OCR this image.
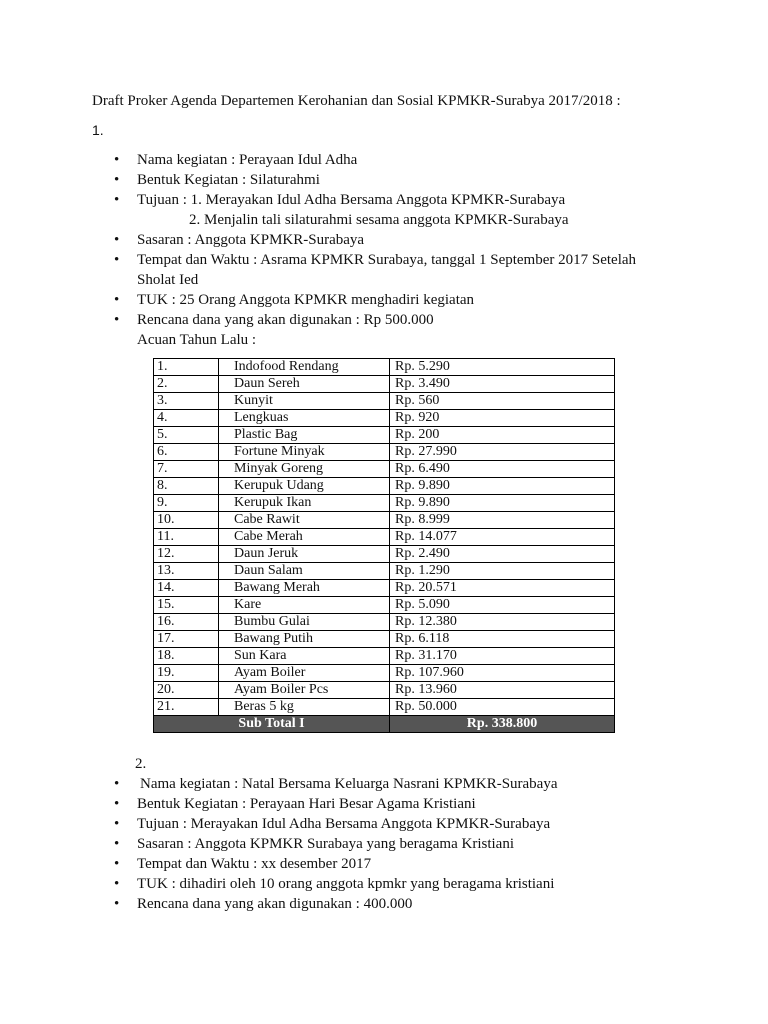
Draft Proker Agenda Departemen Kerohanian dan Sosial KPMKR-Surabya 2017/2018 :
1.
• Nama kegiatan : Perayaan Idul Adha
• Bentuk Kegiatan : Silaturahmi
• Tujuan : 1. Merayakan Idul Adha Bersama Anggota KPMKR-Surabaya
2. Menjalin tali silaturahmi sesama anggota KPMKR-Surabaya
• Sasaran : Anggota KPMKR-Surabaya
• Tempat dan Waktu : Asrama KPMKR Surabaya, tanggal 1 September 2017 Setelah
Sholat Ied
• TUK : 25 Orang Anggota KPMKR menghadiri kegiatan
• Rencana dana yang akan digunakan : Rp 500.000
Acuan Tahun Lalu :
1.	Indofood Rendang	Rp. 5.290
2.	Daun Sereh	Rp. 3.490
3.	Kunyit	Rp. 560
4.	Lengkuas	Rp. 920
5.	Plastic Bag	Rp. 200
6.	Fortune Minyak	Rp. 27.990
7.	Minyak Goreng	Rp. 6.490
8.	Kerupuk Udang	Rp. 9.890
9.	Kerupuk Ikan	Rp. 9.890
10.	Cabe Rawit	Rp. 8.999
11.	Cabe Merah	Rp. 14.077
12.	Daun Jeruk	Rp. 2.490
13.	Daun Salam	Rp. 1.290
14.	Bawang Merah	Rp. 20.571
15.	Kare	Rp. 5.090
16.	Bumbu Gulai	Rp. 12.380
17.	Bawang Putih	Rp. 6.118
18.	Sun Kara	Rp. 31.170
19.	Ayam Boiler	Rp. 107.960
20.	Ayam Boiler Pcs	Rp. 13.960
21.	Beras 5 kg	Rp. 50.000
Sub Total I		Rp. 338.800
2.
• Nama kegiatan : Natal Bersama Keluarga Nasrani KPMKR-Surabaya
• Bentuk Kegiatan : Perayaan Hari Besar Agama Kristiani
• Tujuan : Merayakan Idul Adha Bersama Anggota KPMKR-Surabaya
• Sasaran : Anggota KPMKR Surabaya yang beragama Kristiani
• Tempat dan Waktu : xx desember 2017
• TUK : dihadiri oleh 10 orang anggota kpmkr yang beragama kristiani
• Rencana dana yang akan digunakan : 400.000
